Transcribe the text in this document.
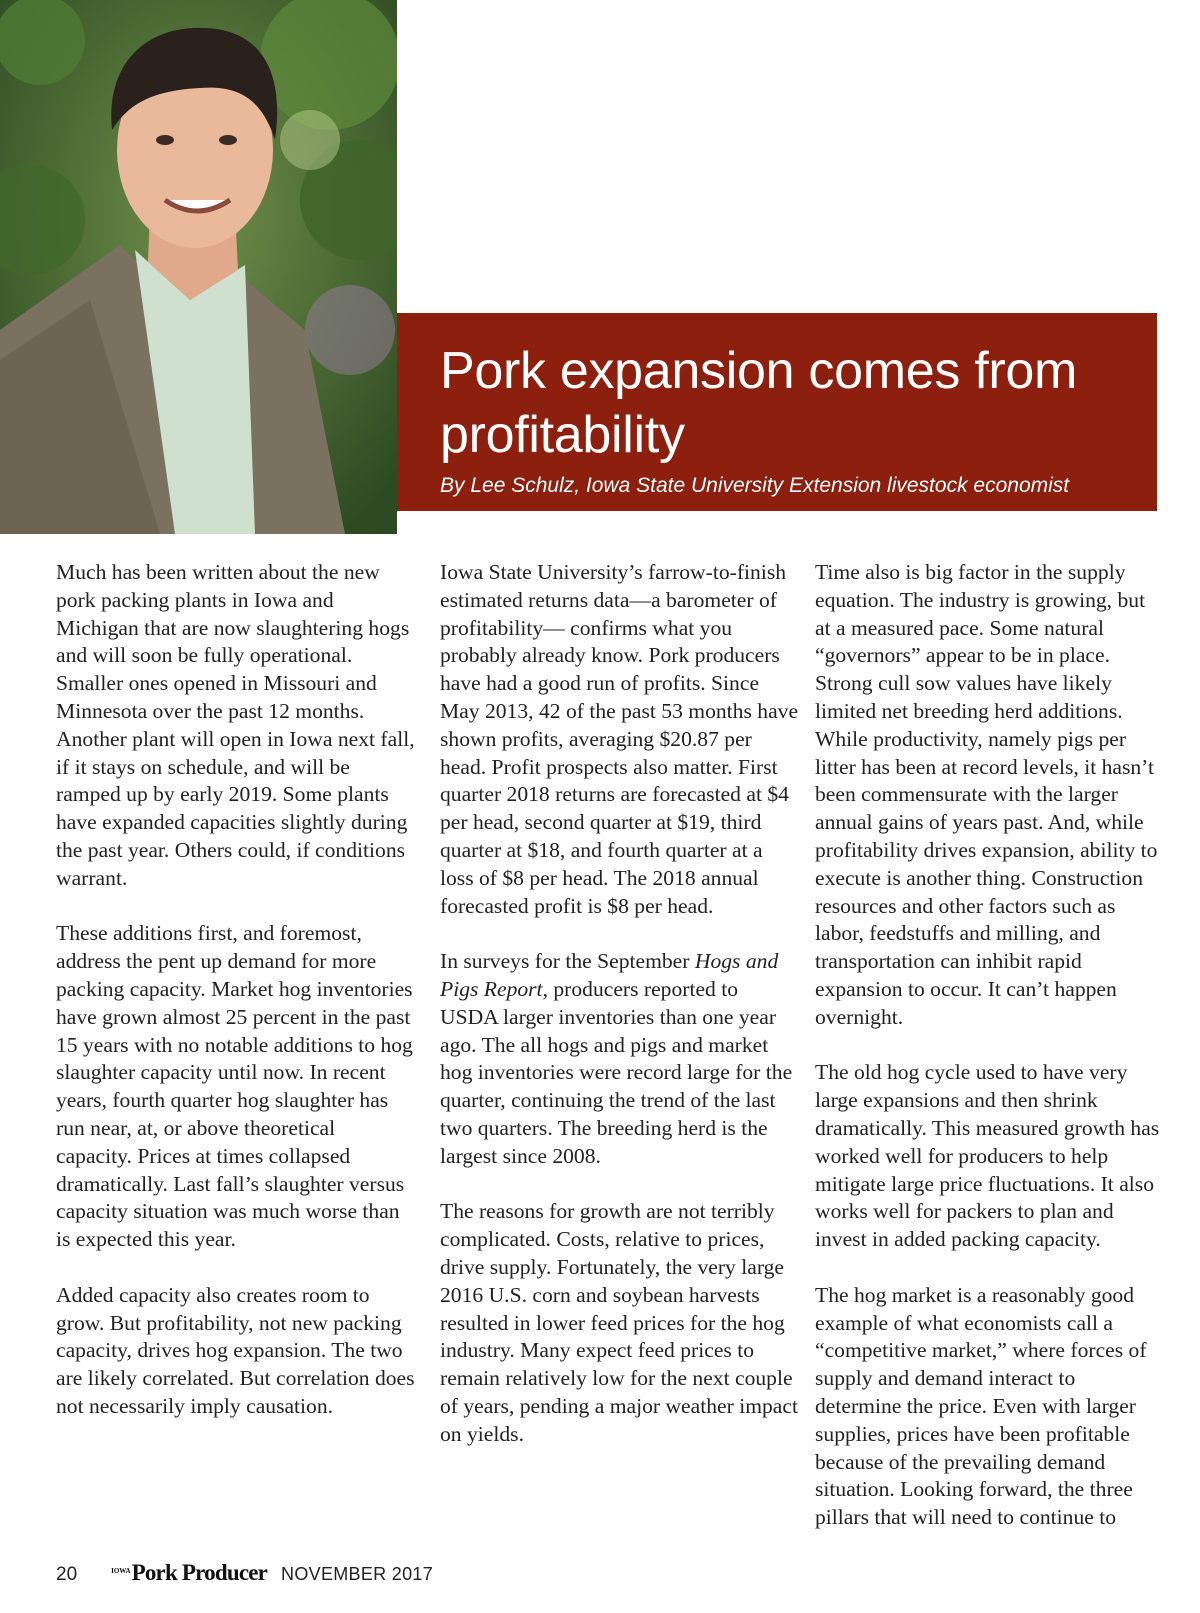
Pork expansion comes from profitability
By Lee Schulz, Iowa State University Extension livestock economist

Much has been written about the new pork packing plants in Iowa and Michigan that are now slaughtering hogs and will soon be fully operational. Smaller ones opened in Missouri and Minnesota over the past 12 months. Another plant will open in Iowa next fall, if it stays on schedule, and will be ramped up by early 2019. Some plants have expanded capacities slightly during the past year. Others could, if conditions warrant.

These additions first, and foremost, address the pent up demand for more packing capacity. Market hog inventories have grown almost 25 percent in the past 15 years with no notable additions to hog slaughter capacity until now. In recent years, fourth quarter hog slaughter has run near, at, or above theoretical capacity. Prices at times collapsed dramatically. Last fall’s slaughter versus capacity situation was much worse than is expected this year.

Added capacity also creates room to grow. But profitability, not new packing capacity, drives hog expansion. The two are likely correlated. But correlation does not necessarily imply causation.

Iowa State University’s farrow-to-finish estimated returns data—a barometer of profitability— confirms what you probably already know. Pork producers have had a good run of profits. Since May 2013, 42 of the past 53 months have shown profits, averaging $20.87 per head. Profit prospects also matter. First quarter 2018 returns are forecasted at $4 per head, second quarter at $19, third quarter at $18, and fourth quarter at a loss of $8 per head. The 2018 annual forecasted profit is $8 per head.

In surveys for the September Hogs and Pigs Report, producers reported to USDA larger inventories than one year ago. The all hogs and pigs and market hog inventories were record large for the quarter, continuing the trend of the last two quarters. The breeding herd is the largest since 2008.

The reasons for growth are not terribly complicated. Costs, relative to prices, drive supply. Fortunately, the very large 2016 U.S. corn and soybean harvests resulted in lower feed prices for the hog industry. Many expect feed prices to remain relatively low for the next couple of years, pending a major weather impact on yields.

Time also is big factor in the supply equation. The industry is growing, but at a measured pace. Some natural “governors” appear to be in place. Strong cull sow values have likely limited net breeding herd additions. While productivity, namely pigs per litter has been at record levels, it hasn’t been commensurate with the larger annual gains of years past. And, while profitability drives expansion, ability to execute is another thing. Construction resources and other factors such as labor, feedstuffs and milling, and transportation can inhibit rapid expansion to occur. It can’t happen overnight.

The old hog cycle used to have very large expansions and then shrink dramatically. This measured growth has worked well for producers to help mitigate large price fluctuations. It also works well for packers to plan and invest in added packing capacity.

The hog market is a reasonably good example of what economists call a “competitive market,” where forces of supply and demand interact to determine the price. Even with larger supplies, prices have been profitable because of the prevailing demand situation. Looking forward, the three pillars that will need to continue to

20	$^{IOWA}$Pork Producer NOVEMBER 2017
